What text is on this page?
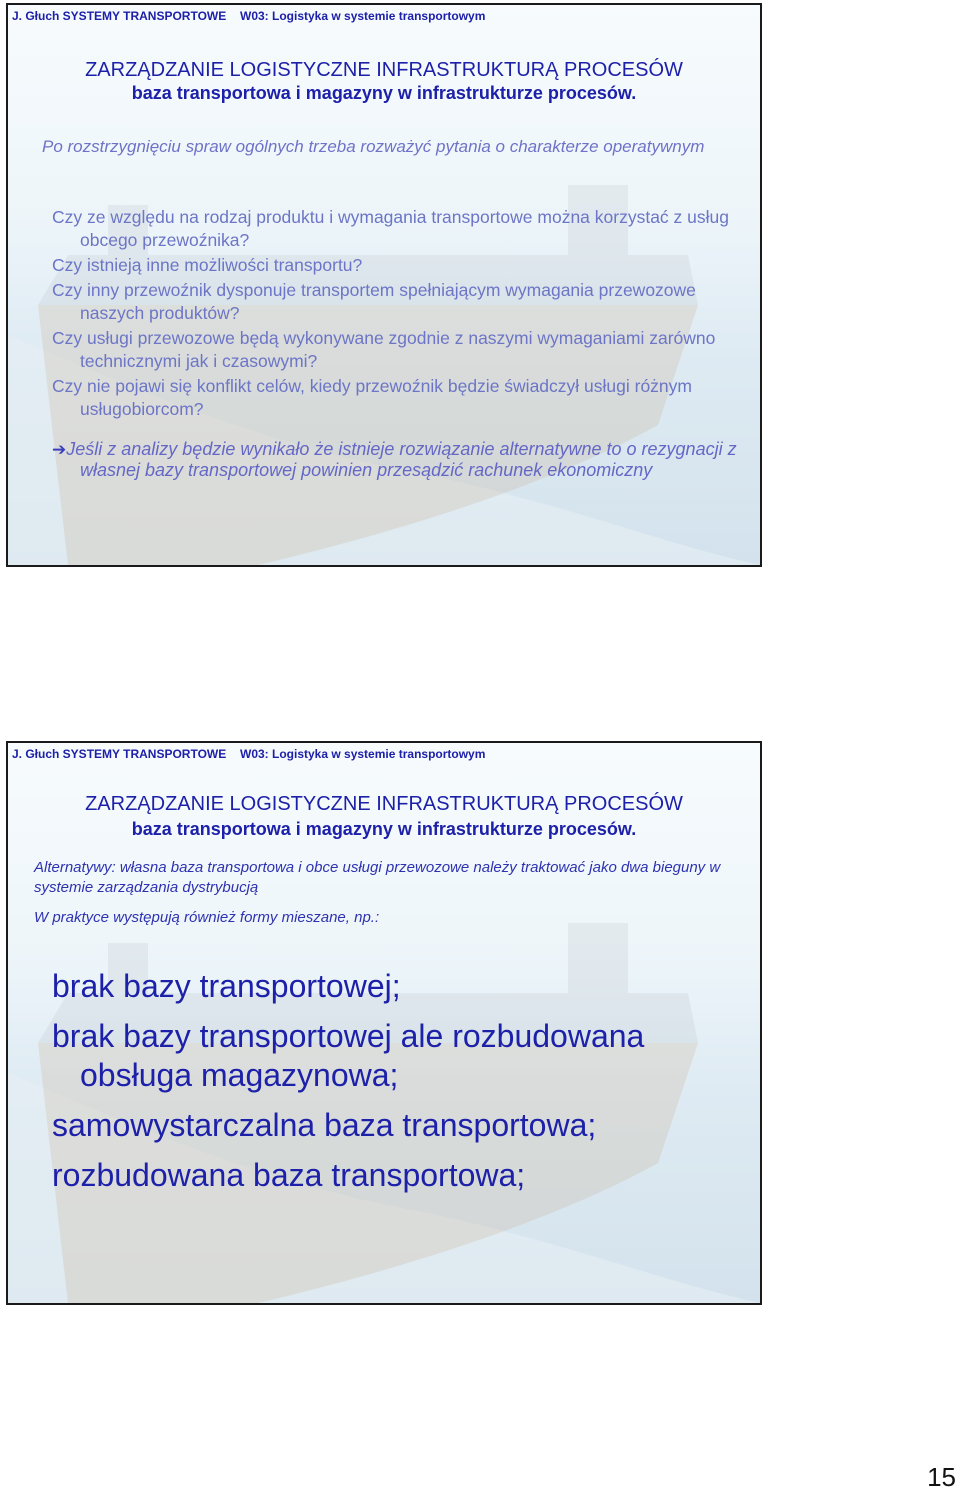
J. Głuch SYSTEMY TRANSPORTOWE W03: Logistyka w systemie transportowym
ZARZĄDZANIE LOGISTYCZNE INFRASTRUKTURĄ PROCESÓW
baza transportowa i magazyny w infrastrukturze procesów.
Po rozstrzygnięciu spraw ogólnych trzeba rozważyć pytania o charakterze operatywnym
Czy ze względu na rodzaj produktu i wymagania transportowe można korzystać z usług obcego przewoźnika?
Czy istnieją inne możliwości transportu?
Czy inny przewoźnik dysponuje transportem spełniającym wymagania przewozowe naszych produktów?
Czy usługi przewozowe będą wykonywane zgodnie z naszymi wymaganiami zarówno technicznymi jak i czasowymi?
Czy nie pojawi się konflikt celów, kiedy przewoźnik będzie świadczył usługi różnym usługobiorcom?
➔Jeśli z analizy będzie wynikało że istnieje rozwiązanie alternatywne to o rezygnacji z własnej bazy transportowej powinien przesądzić rachunek ekonomiczny
J. Głuch SYSTEMY TRANSPORTOWE W03: Logistyka w systemie transportowym
ZARZĄDZANIE LOGISTYCZNE INFRASTRUKTURĄ PROCESÓW
baza transportowa i magazyny w infrastrukturze procesów.
Alternatywy: własna baza transportowa i obce usługi przewozowe należy traktować jako dwa bieguny w systemie zarządzania dystrybucją
W praktyce występują również formy mieszane, np.:
brak bazy transportowej;
brak bazy transportowej ale rozbudowana obsługa magazynowa;
samowystarczalna baza transportowa;
rozbudowana baza transportowa;
15
